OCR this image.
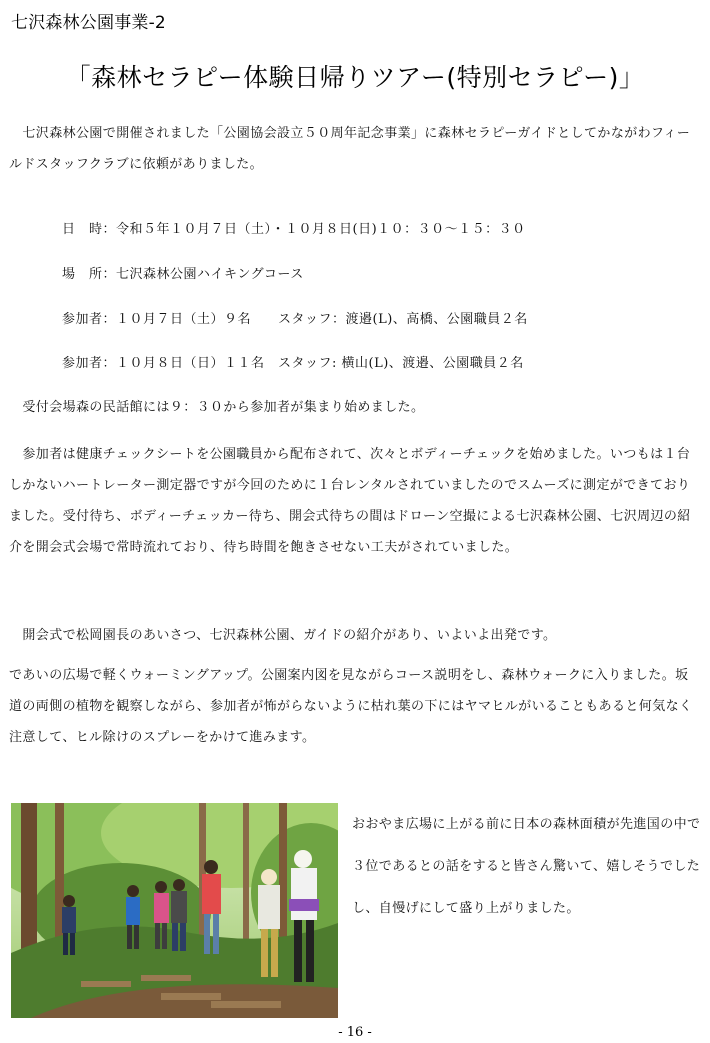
七沢森林公園事業-2
「森林セラピー体験日帰りツアー(特別セラピー)」

　七沢森林公園で開催されました「公園協会設立５０周年記念事業」に森林セラピーガイドとしてかながわフィールドスタッフクラブに依頼がありました。

日　時：令和５年１０月７日（土）・１０月８日(日)１０：３０～１５：３０
場　所：七沢森林公園ハイキングコース
参加者：１０月７日（土）９名　　スタッフ：渡邉(L)、高橋、公園職員２名
参加者：１０月８日（日）１１名　スタッフ: 横山(L)、渡邉、公園職員２名

　受付会場森の民話館には９：３０から参加者が集まり始めました。

　参加者は健康チェックシートを公園職員から配布されて、次々とボディーチェックを始めました。いつもは１台しかないハートレーター測定器ですが今回のために１台レンタルされていましたのでスムーズに測定ができておりました。受付待ち、ボディーチェッカー待ち、開会式待ちの間はドローン空撮による七沢森林公園、七沢周辺の紹介を開会式会場で常時流れており、待ち時間を飽きさせない工夫がされていました。

　開会式で松岡園長のあいさつ、七沢森林公園、ガイドの紹介があり、いよいよ出発です。

であいの広場で軽くウォーミングアップ。公園案内図を見ながらコース説明をし、森林ウォークに入りました。坂道の両側の植物を観察しながら、参加者が怖がらないように枯れ葉の下にはヤマヒルがいることもあると何気なく注意して、ヒル除けのスプレーをかけて進みます。

おおやま広場に上がる前に日本の森林面積が先進国の中で３位であるとの話をすると皆さん驚いて、嬉しそうでしたし、自慢げにして盛り上がりました。

- 16 -
